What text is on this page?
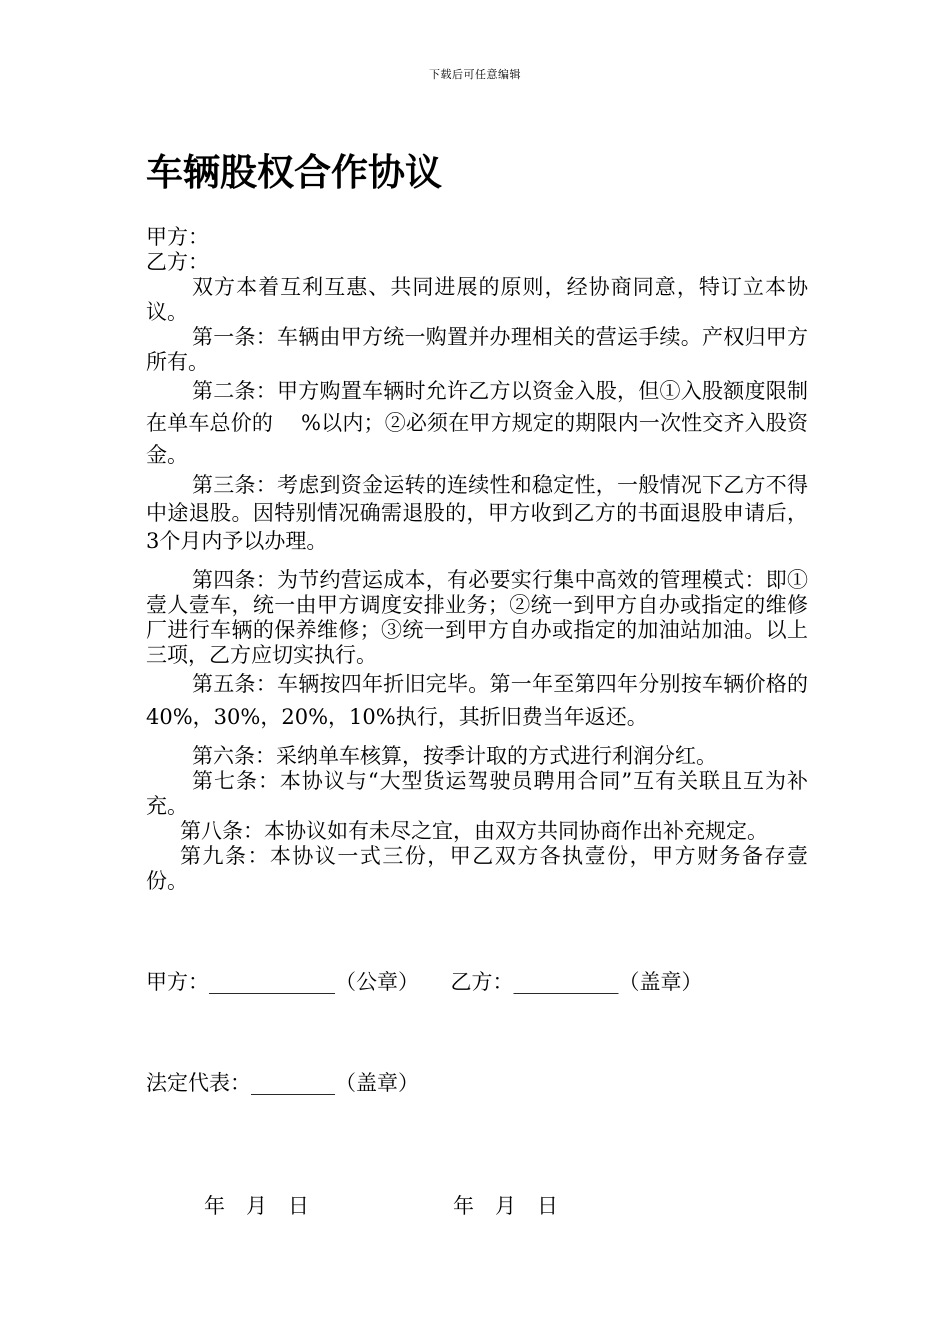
下载后可任意编辑
车辆股权合作协议

甲方：

乙方：

双方本着互利互惠、共同进展的原则，经协商同意，特订立本协议。

第一条：车辆由甲方统一购置并办理相关的营运手续。产权归甲方所有。

第二条：甲方购置车辆时允许乙方以资金入股，但①入股额度限制在单车总价的 %以内；②必须在甲方规定的期限内一次性交齐入股资金。

第三条：考虑到资金运转的连续性和稳定性，一般情况下乙方不得中途退股。因特别情况确需退股的，甲方收到乙方的书面退股申请后，3个月内予以办理。

第四条：为节约营运成本，有必要实行集中高效的管理模式：即①壹人壹车，统一由甲方调度安排业务；②统一到甲方自办或指定的维修厂进行车辆的保养维修；③统一到甲方自办或指定的加油站加油。以上三项，乙方应切实执行。

第五条：车辆按四年折旧完毕。第一年至第四年分别按车辆价格的40%，30%，20%，10%执行，其折旧费当年返还。

第六条：采纳单车核算，按季计取的方式进行利润分红。

第七条：本协议与“大型货运驾驶员聘用合同”互有关联且互为补充。

第八条：本协议如有未尽之宜，由双方共同协商作出补充规定。

第九条：本协议一式三份，甲乙双方各执壹份，甲方财务备存壹份。

甲方：____________（公章）　　乙方：__________（盖章）
法定代表：________（盖章）
年　月　日	年　月　日
